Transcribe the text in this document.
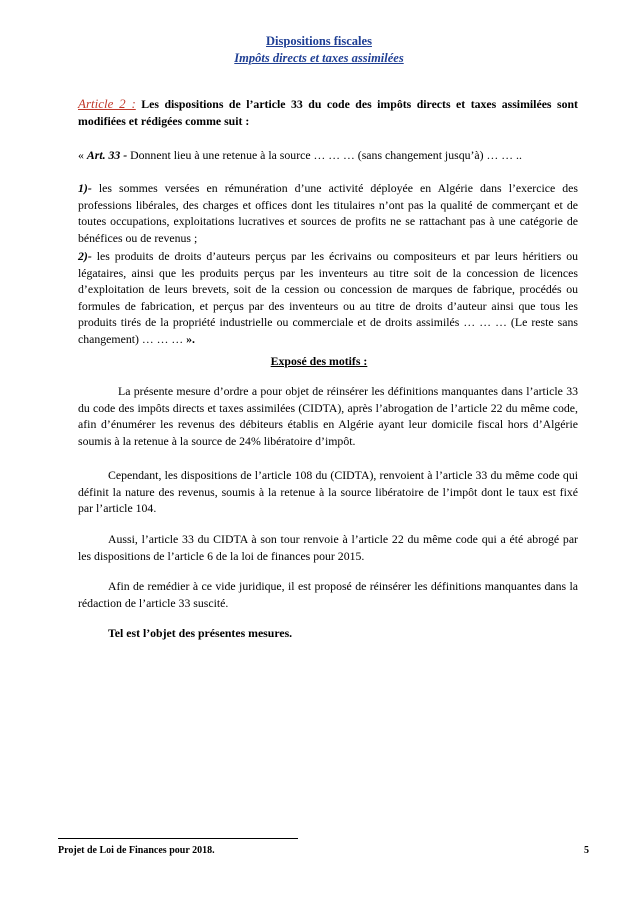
Dispositions fiscales
Impôts directs et taxes assimilées

Article 2 : Les dispositions de l’article 33 du code des impôts directs et taxes assimilées sont modifiées et rédigées comme suit :

« Art. 33 - Donnent lieu à une retenue à la source … … … (sans changement jusqu’à) … … ..

1)- les sommes versées en rémunération d’une activité déployée en Algérie dans l’exercice des professions libérales, des charges et offices dont les titulaires n’ont pas la qualité de commerçant et de toutes occupations, exploitations lucratives et sources de profits ne se rattachant pas à une catégorie de bénéfices ou de revenus ;

2)- les produits de droits d’auteurs perçus par les écrivains ou compositeurs et par leurs héritiers ou légataires, ainsi que les produits perçus par les inventeurs au titre soit de la concession de licences d’exploitation de leurs brevets, soit de la cession ou concession de marques de fabrique, procédés ou formules de fabrication, et perçus par des inventeurs ou au titre de droits d’auteur ainsi que tous les produits tirés de la propriété industrielle ou commerciale et de droits assimilés … … … (Le reste sans changement) … … … ».

Exposé des motifs :

La présente mesure d’ordre a pour objet de réinsérer les définitions manquantes dans l’article 33 du code des impôts directs et taxes assimilées (CIDTA), après l’abrogation de l’article 22 du même code, afin d’énumérer les revenus des débiteurs établis en Algérie ayant leur domicile fiscal hors d’Algérie soumis à la retenue à la source de 24% libératoire d’impôt.

Cependant, les dispositions de l’article 108 du (CIDTA), renvoient à l’article 33 du même code qui définit la nature des revenus, soumis à la retenue à la source libératoire de l’impôt dont le taux est fixé par l’article 104.

Aussi, l’article 33 du CIDTA à son tour renvoie à l’article 22 du même code qui a été abrogé par les dispositions de l’article 6 de la loi de finances pour 2015.

Afin de remédier à ce vide juridique, il est proposé de réinsérer les définitions manquantes dans la rédaction de l’article 33 suscité.

Tel est l’objet des présentes mesures.

Projet de Loi de Finances pour 2018.	5
